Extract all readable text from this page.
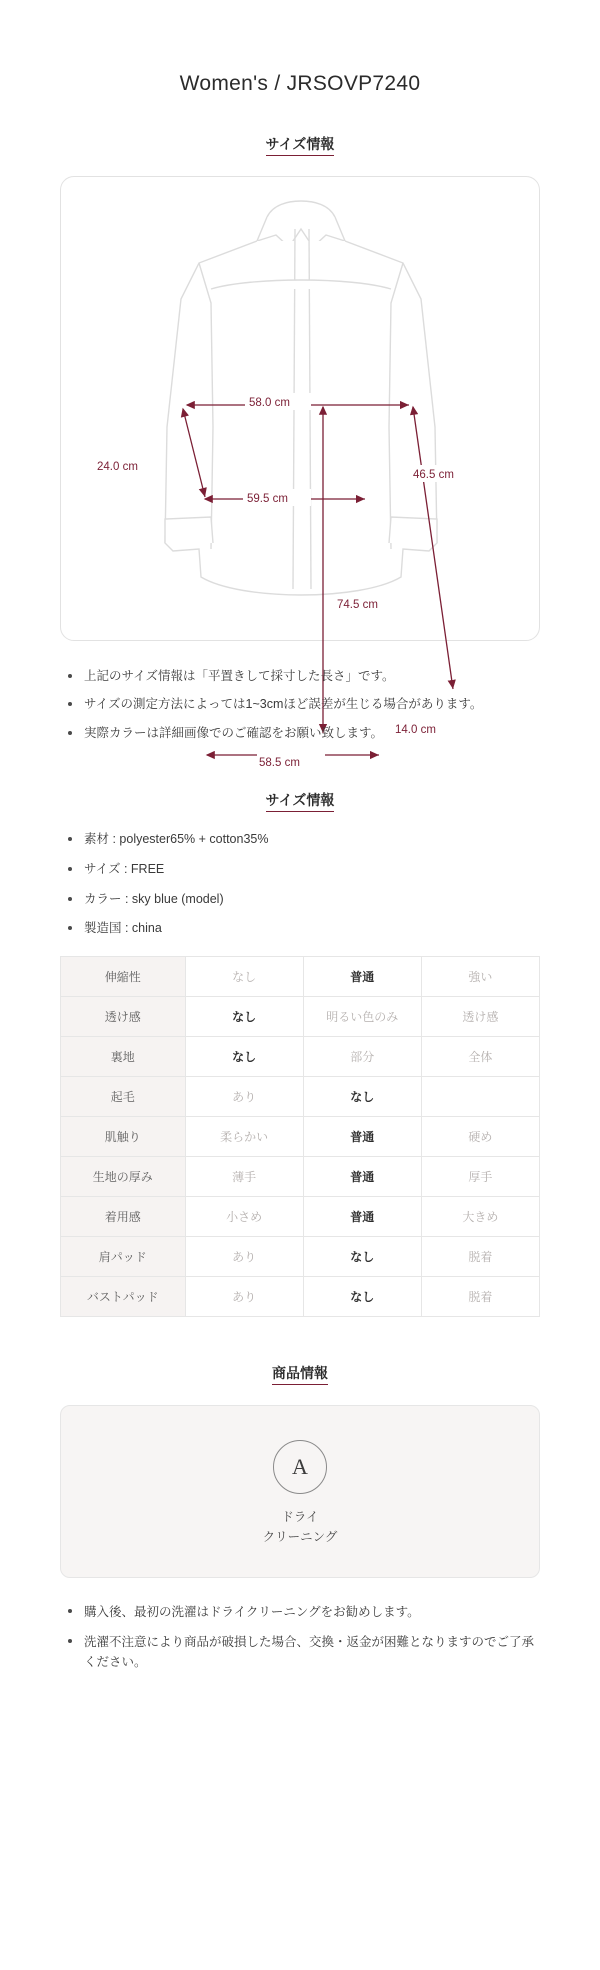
Women's / JRSOVP7240
サイズ情報
58.0 cm
24.0 cm
46.5 cm
59.5 cm
74.5 cm
14.0 cm
58.5 cm
上記のサイズ情報は「平置きして採寸した長さ」です。
サイズの測定方法によっては1~3cmほど誤差が生じる場合があります。
実際カラーは詳細画像でのご確認をお願い致します。
サイズ情報
素材 : polyester65% + cotton35%
サイズ : FREE
カラー : sky blue (model)
製造国 : china
伸縮性	なし	普通	強い
透け感	なし	明るい色のみ	透け感
裏地	なし	部分	全体
起毛	あり	なし	
肌触り	柔らかい	普通	硬め
生地の厚み	薄手	普通	厚手
着用感	小さめ	普通	大きめ
肩パッド	あり	なし	脱着
バストパッド	あり	なし	脱着
商品情報
A
ドライ
クリーニング
購入後、最初の洗濯はドライクリーニングをお勧めします。
洗濯不注意により商品が破損した場合、交換・返金が困難となりますのでご了承ください。
